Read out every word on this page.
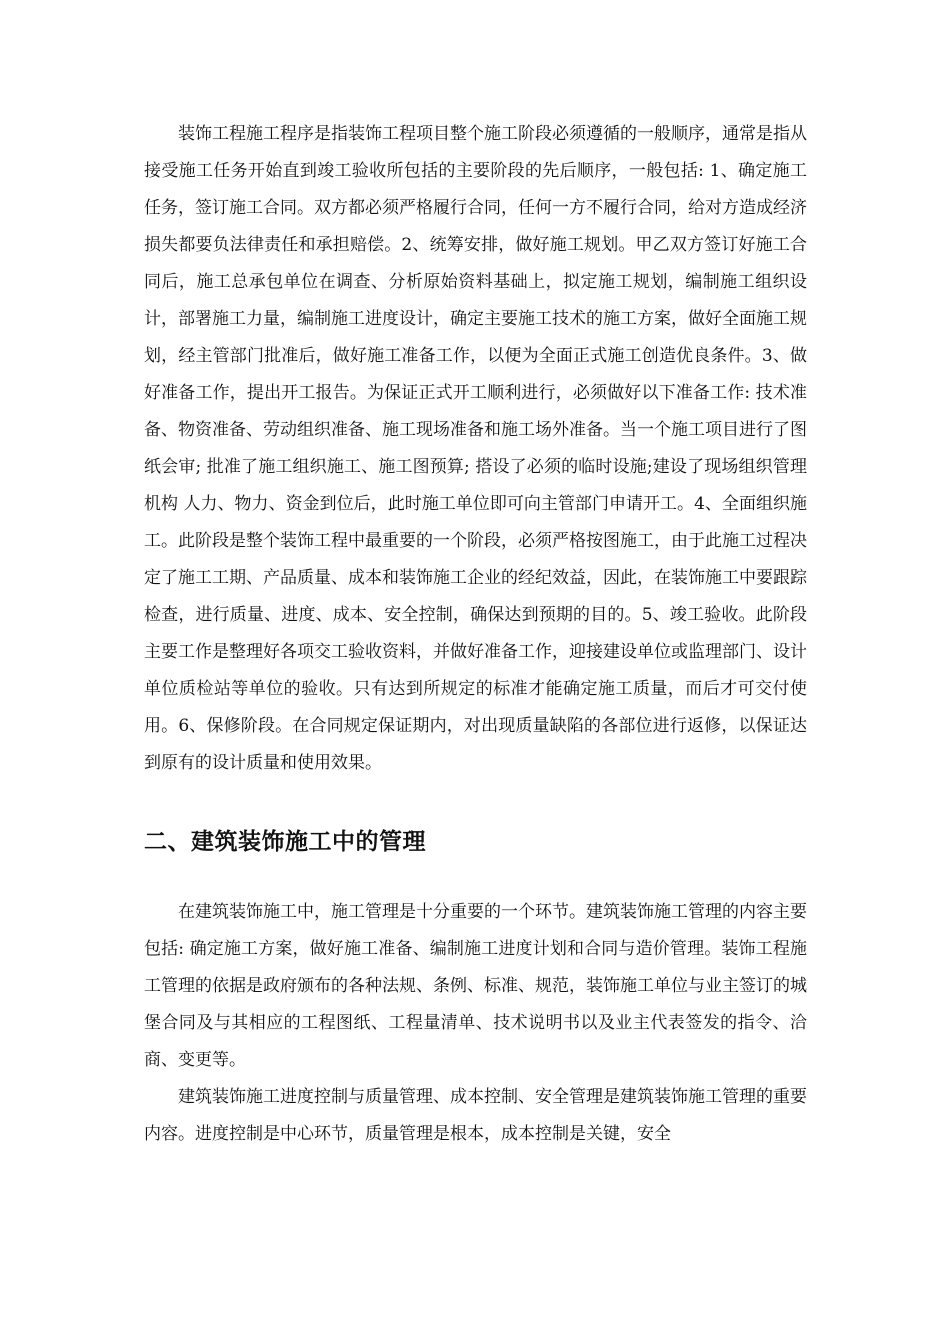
装饰工程施工程序是指装饰工程项目整个施工阶段必须遵循的一般顺序，通常是指从接受施工任务开始直到竣工验收所包括的主要阶段的先后顺序，一般包括: 1、确定施工任务，签订施工合同。双方都必须严格履行合同，任何一方不履行合同，给对方造成经济损失都要负法律责任和承担赔偿。2、统筹安排，做好施工规划。甲乙双方签订好施工合同后，施工总承包单位在调查、分析原始资料基础上，拟定施工规划，编制施工组织设计，部署施工力量，编制施工进度设计，确定主要施工技术的施工方案，做好全面施工规划，经主管部门批准后，做好施工准备工作，以便为全面正式施工创造优良条件。3、做好准备工作，提出开工报告。为保证正式开工顺利进行，必须做好以下准备工作: 技术准备、物资准备、劳动组织准备、施工现场准备和施工场外准备。当一个施工项目进行了图纸会审; 批准了施工组织施工、施工图预算; 搭设了必须的临时设施;建设了现场组织管理机构 人力、物力、资金到位后，此时施工单位即可向主管部门申请开工。4、全面组织施工。此阶段是整个装饰工程中最重要的一个阶段，必须严格按图施工，由于此施工过程决定了施工工期、产品质量、成本和装饰施工企业的经纪效益，因此，在装饰施工中要跟踪检查，进行质量、进度、成本、安全控制，确保达到预期的目的。5、竣工验收。此阶段主要工作是整理好各项交工验收资料，并做好准备工作，迎接建设单位或监理部门、设计单位质检站等单位的验收。只有达到所规定的标准才能确定施工质量，而后才可交付使用。6、保修阶段。在合同规定保证期内，对出现质量缺陷的各部位进行返修，以保证达到原有的设计质量和使用效果。

二、建筑装饰施工中的管理

在建筑装饰施工中，施工管理是十分重要的一个环节。建筑装饰施工管理的内容主要包括: 确定施工方案，做好施工准备、编制施工进度计划和合同与造价管理。装饰工程施工管理的依据是政府颁布的各种法规、条例、标准、规范，装饰施工单位与业主签订的城堡合同及与其相应的工程图纸、工程量清单、技术说明书以及业主代表签发的指令、洽商、变更等。

建筑装饰施工进度控制与质量管理、成本控制、安全管理是建筑装饰施工管理的重要内容。进度控制是中心环节，质量管理是根本，成本控制是关键，安全
